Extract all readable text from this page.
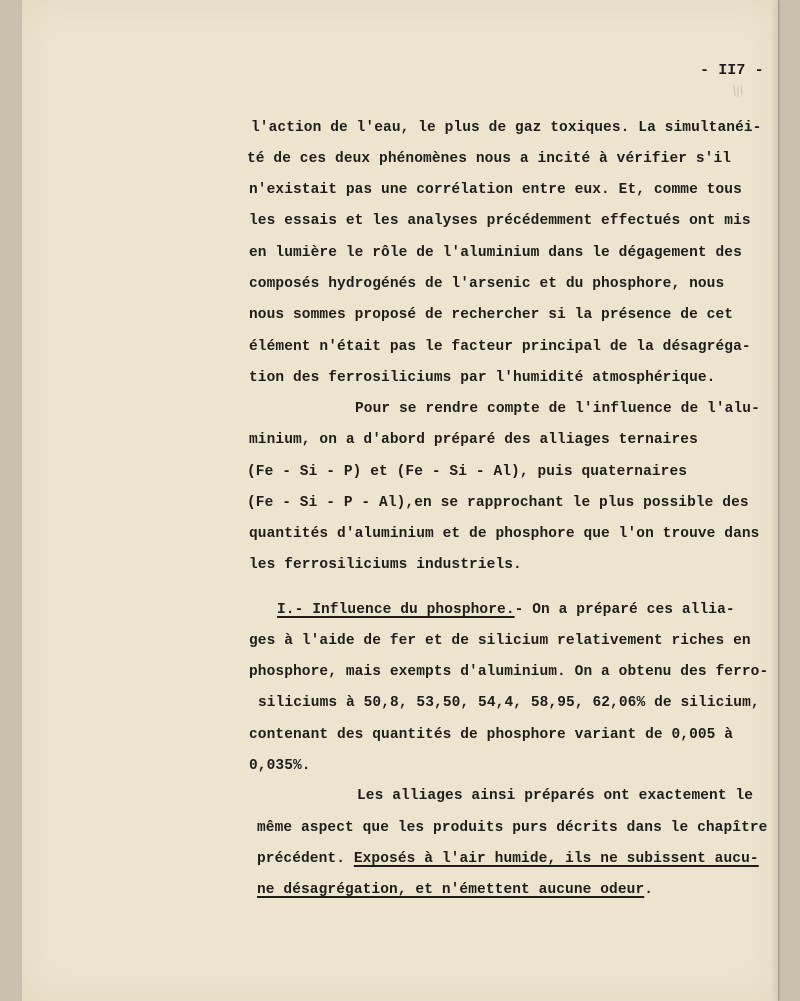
- II7 -
l'action de l'eau, le plus de gaz toxiques. La simultanéi-
té de ces deux phénomènes nous a incité à vérifier s'il
n'existait pas une corrélation entre eux. Et, comme tous
les essais et les analyses précédemment effectués ont mis
en lumière le rôle de l'aluminium dans le dégagement des
composés hydrogénés de l'arsenic et du phosphore, nous
nous sommes proposé de rechercher si la présence de cet
élément n'était pas le facteur principal de la désagréga-
tion des ferrosiliciums par l'humidité atmosphérique.
Pour se rendre compte de l'influence de l'alu-
minium, on a d'abord préparé des alliages ternaires
(Fe - Si - P) et (Fe - Si - Al), puis quaternaires
(Fe - Si - P - Al),en se rapprochant le plus possible des
quantités d'aluminium et de phosphore que l'on trouve dans
les ferrosiliciums industriels.
I.- Influence du phosphore.- On a préparé ces allia-
ges à l'aide de fer et de silicium relativement riches en
phosphore, mais exempts d'aluminium. On a obtenu des ferro-
siliciums à 50,8, 53,50, 54,4, 58,95, 62,06% de silicium,
contenant des quantités de phosphore variant de 0,005 à
0,035%.
Les alliages ainsi préparés ont exactement le
même aspect que les produits purs décrits dans le chapître
précédent. Exposés à l'air humide, ils ne subissent aucu-
ne désagrégation, et n'émettent aucune odeur.
